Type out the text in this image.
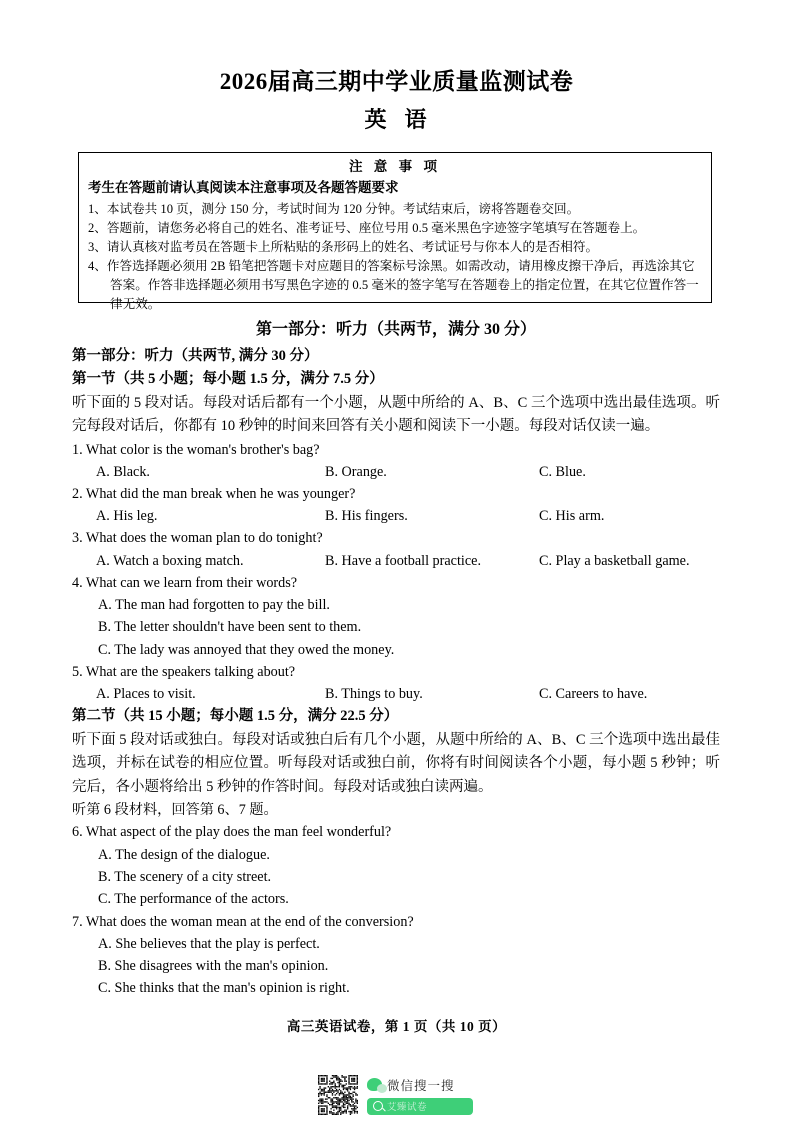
2026届高三期中学业质量监测试卷
英 语

注 意 事 项

考生在答题前请认真阅读本注意事项及各题答题要求

1、本试卷共 10 页，测分 150 分，考试时间为 120 分钟。考试结束后，谤将答题卷交回。

2、答题前，请您务必将自己的姓名、准考证号、座位号用 0.5 毫米黑色字迹签字笔填写在答题卷上。

3、请认真核对监考员在答题卡上所粘贴的条形码上的姓名、考试证号与你本人的是否相符。

4、作答选择题必须用 2B 铅笔把答题卡对应题目的答案标号涂黑。如需改动，请用橡皮擦干净后，再选涂其它答案。作答非选择题必须用书写黑色字迹的 0.5 毫米的签字笔写在答题卷上的指定位置，在其它位置作答一律无效。

第一部分：听力（共两节，满分 30 分）

第一部分：听力（共两节, 满分 30 分）

第一节（共 5 小题；每小题 1.5 分，满分 7.5 分）

听下面的 5 段对话。每段对话后都有一个小题，从题中所给的 A、B、C 三个选项中选出最佳选项。听完每段对话后，你都有 10 秒钟的时间来回答有关小题和阅读下一小题。每段对话仅读一遍。

1. What color is the woman's brother's bag?

A. Black.	B. Orange.	C. Blue.

2. What did the man break when he was younger?

A. His leg.	B. His fingers.	C. His arm.

3. What does the woman plan to do tonight?

A. Watch a boxing match.	B. Have a football practice.	C. Play a basketball game.

4. What can we learn from their words?

A. The man had forgotten to pay the bill.

B. The letter shouldn't have been sent to them.

C. The lady was annoyed that they owed the money.

5. What are the speakers talking about?

A. Places to visit.	B. Things to buy.	C. Careers to have.

第二节（共 15 小题；每小题 1.5 分，满分 22.5 分）

听下面 5 段对话或独白。每段对话或独白后有几个小题，从题中所给的 A、B、C 三个选项中选出最佳选项，并标在试卷的相应位置。听每段对话或独白前，你将有时间阅读各个小题，每小题 5 秒钟；听完后，各小题将给出 5 秒钟的作答时间。每段对话或独白读两遍。

听第 6 段材料，回答第 6、7 题。

6. What aspect of the play does the man feel wonderful?

A. The design of the dialogue.

B. The scenery of a city street.

C. The performance of the actors.

7. What does the woman mean at the end of the conversion?

A. She believes that the play is perfect.

B. She disagrees with the man's opinion.

C. She thinks that the man's opinion is right.

高三英语试卷，第 1 页（共 10 页）
微信搜一搜
艾臻试卷
